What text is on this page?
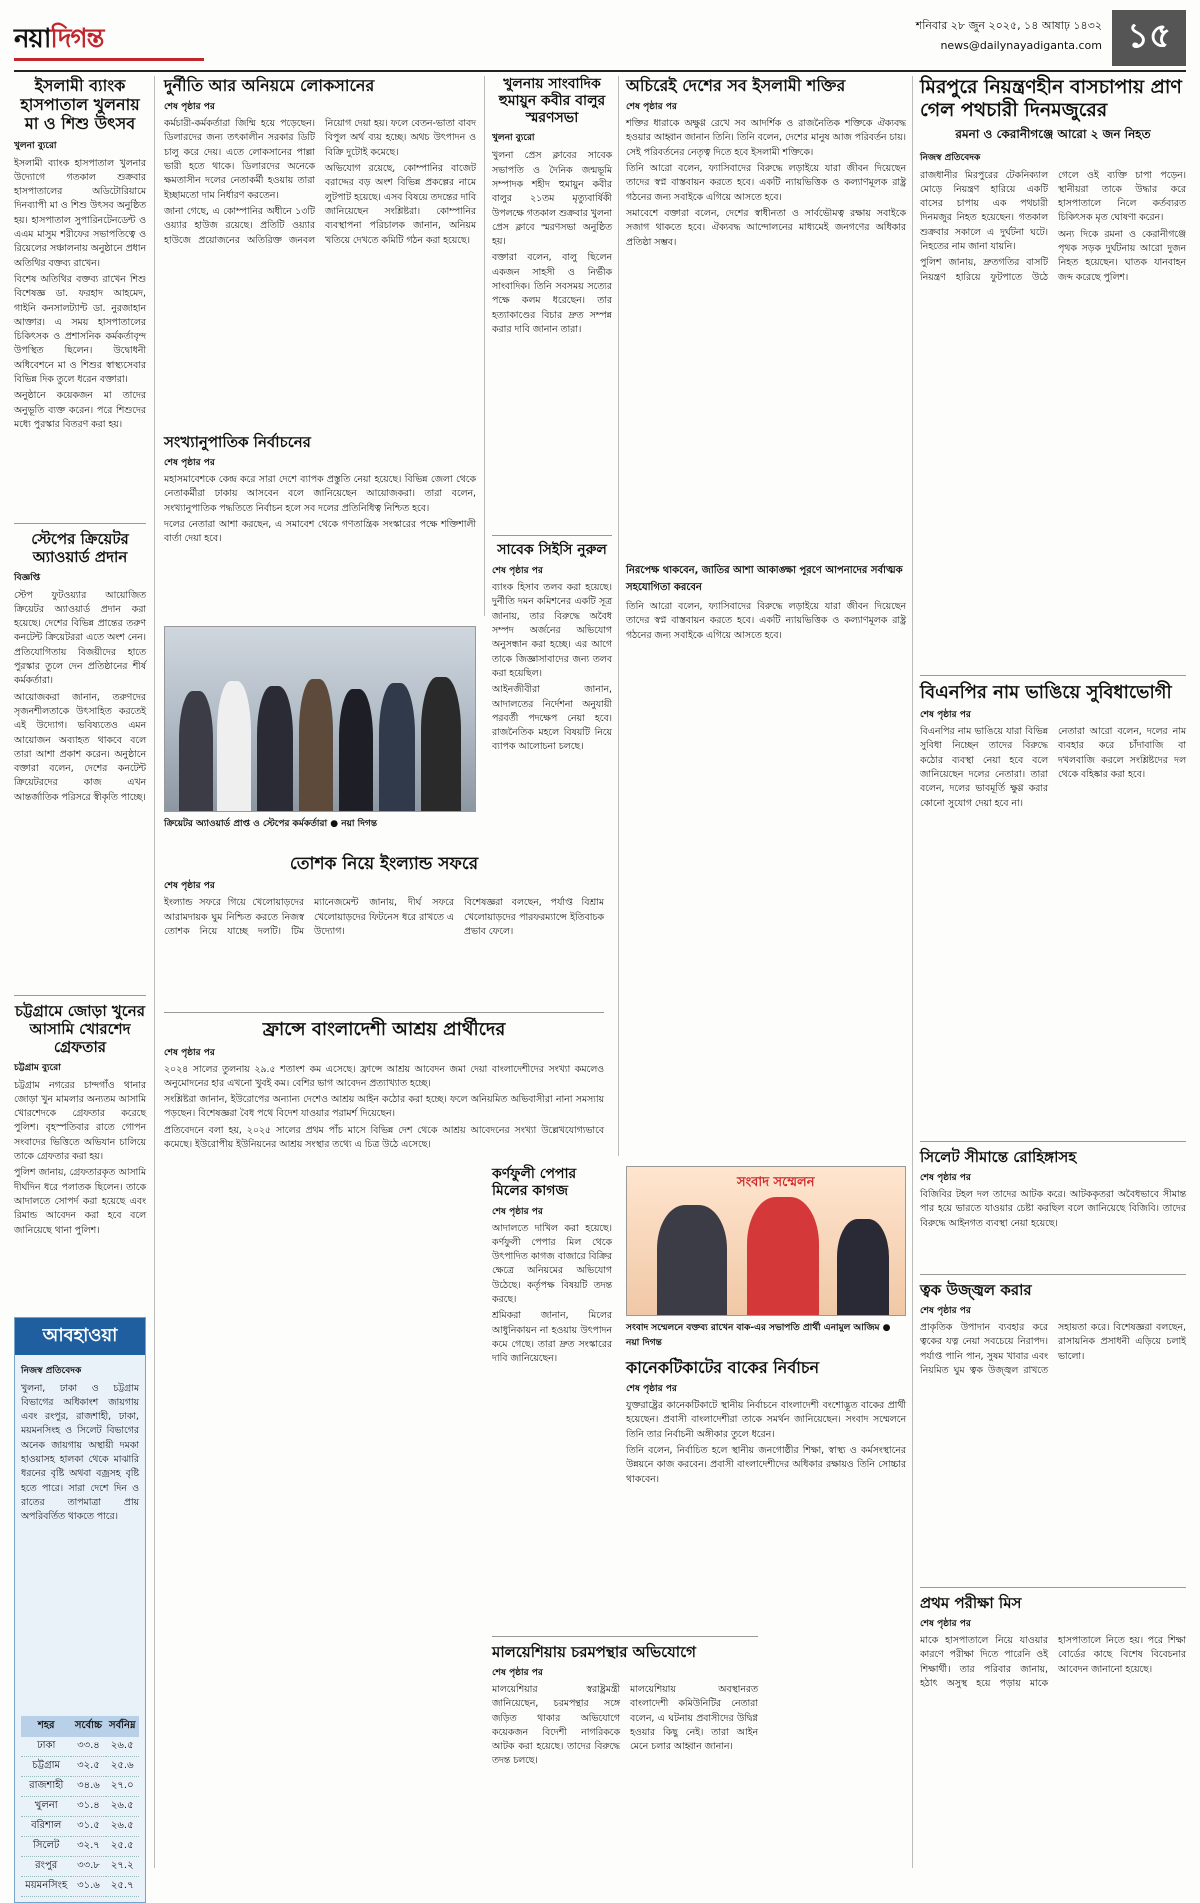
নয়াদিগন্ত	শনিবার ২৮ জুন ২০২৫, ১৪ আষাঢ় ১৪৩২
news@dailynayadiganta.com ১৫
ইসলামী ব্যাংক হাসপাতাল খুলনায় মা ও শিশু উৎসব
খুলনা ব্যুরো

ইসলামী ব্যাংক হাসপাতাল খুলনার উদ্যোগে গতকাল শুক্রবার হাসপাতালের অডিটোরিয়ামে দিনব্যাপী মা ও শিশু উৎসব অনুষ্ঠিত হয়। হাসপাতাল সুপারিনটেনডেন্ট ও এএম মাসুম শরীফের সভাপতিত্বে ও রিয়েলের সঞ্চালনায় অনুষ্ঠানে প্রধান অতিথির বক্তব্য রাখেন।

বিশেষ অতিথির বক্তব্য রাখেন শিশু বিশেষজ্ঞ ডা. ফরহাদ আহমেদ, গাইনি কনসালট্যান্ট ডা. নুরজাহান আক্তার। এ সময় হাসপাতালের চিকিৎসক ও প্রশাসনিক কর্মকর্তাবৃন্দ উপস্থিত ছিলেন। উদ্বোধনী অধিবেশনে মা ও শিশুর স্বাস্থ্যসেবার বিভিন্ন দিক তুলে ধরেন বক্তারা।

অনুষ্ঠানে কয়েকজন মা তাদের অনুভূতি ব্যক্ত করেন। পরে শিশুদের মধ্যে পুরস্কার বিতরণ করা হয়।

স্টেপের ক্রিয়েটর অ্যাওয়ার্ড প্রদান
বিজ্ঞপ্তি

স্টেপ ফুটওয়্যার আয়োজিত ক্রিয়েটর অ্যাওয়ার্ড প্রদান করা হয়েছে। দেশের বিভিন্ন প্রান্তের তরুণ কনটেন্ট ক্রিয়েটররা এতে অংশ নেন। প্রতিযোগিতায় বিজয়ীদের হাতে পুরস্কার তুলে দেন প্রতিষ্ঠানের শীর্ষ কর্মকর্তারা।

আয়োজকরা জানান, তরুণদের সৃজনশীলতাকে উৎসাহিত করতেই এই উদ্যোগ। ভবিষ্যতেও এমন আয়োজন অব্যাহত থাকবে বলে তারা আশা প্রকাশ করেন। অনুষ্ঠানে বক্তারা বলেন, দেশের কনটেন্ট ক্রিয়েটরদের কাজ এখন আন্তর্জাতিক পরিসরে স্বীকৃতি পাচ্ছে।

চট্টগ্রামে জোড়া খুনের আসামি খোরশেদ গ্রেফতার
চট্টগ্রাম ব্যুরো

চট্টগ্রাম নগরের চান্দগাঁও থানার জোড়া খুন মামলার অন্যতম আসামি খোরশেদকে গ্রেফতার করেছে পুলিশ। বৃহস্পতিবার রাতে গোপন সংবাদের ভিত্তিতে অভিযান চালিয়ে তাকে গ্রেফতার করা হয়।

পুলিশ জানায়, গ্রেফতারকৃত আসামি দীর্ঘদিন ধরে পলাতক ছিলেন। তাকে আদালতে সোপর্দ করা হয়েছে এবং রিমান্ড আবেদন করা হবে বলে জানিয়েছে থানা পুলিশ।

আবহাওয়া
নিজস্ব প্রতিবেদক
খুলনা, ঢাকা ও চট্টগ্রাম বিভাগের অধিকাংশ জায়গায় এবং রংপুর, রাজশাহী, ঢাকা, ময়মনসিংহ ও সিলেট বিভাগের অনেক জায়গায় অস্থায়ী দমকা হাওয়াসহ হালকা থেকে মাঝারি ধরনের বৃষ্টি অথবা বজ্রসহ বৃষ্টি হতে পারে। সারা দেশে দিন ও রাতের তাপমাত্রা প্রায় অপরিবর্তিত থাকতে পারে।
শহর	সর্বোচ্চ	সর্বনিম্ন
ঢাকা	৩৩.৪	২৬.৫
চট্টগ্রাম	৩২.৫	২৫.৬
রাজশাহী	৩৪.৬	২৭.০
খুলনা	৩১.৪	২৬.৫
বরিশাল	৩১.৫	২৬.৫
সিলেট	৩২.৭	২৫.৫
রংপুর	৩৩.৮	২৭.২
ময়মনসিংহ	৩১.৬	২৫.৭
দুর্নীতি আর অনিয়মে লোকসানের
শেষ পৃষ্ঠার পর

কর্মচারী-কর্মকর্তারা জিম্মি হয়ে পড়েছেন। ডিলারদের জন্য তৎকালীন সরকার ডিটি চালু করে দেয়। এতে লোকসানের পাল্লা ভারী হতে থাকে। ডিলারদের অনেকে ক্ষমতাসীন দলের নেতাকর্মী হওয়ায় তারা ইচ্ছামতো দাম নির্ধারণ করতেন।

জানা গেছে, এ কোম্পানির অধীনে ১৩টি ওয়্যার হাউজ রয়েছে। প্রতিটি ওয়্যার হাউজে প্রয়োজনের অতিরিক্ত জনবল নিয়োগ দেয়া হয়। ফলে বেতন-ভাতা বাবদ বিপুল অর্থ ব্যয় হচ্ছে। অথচ উৎপাদন ও বিক্রি দুটোই কমেছে।

অভিযোগ রয়েছে, কোম্পানির বাজেট বরাদ্দের বড় অংশ বিভিন্ন প্রকল্পের নামে লুটপাট হয়েছে। এসব বিষয়ে তদন্তের দাবি জানিয়েছেন সংশ্লিষ্টরা। কোম্পানির ব্যবস্থাপনা পরিচালক জানান, অনিয়ম খতিয়ে দেখতে কমিটি গঠন করা হয়েছে।

সংখ্যানুপাতিক নির্বাচনের
শেষ পৃষ্ঠার পর

মহাসমাবেশকে কেন্দ্র করে সারা দেশে ব্যাপক প্রস্তুতি নেয়া হয়েছে। বিভিন্ন জেলা থেকে নেতাকর্মীরা ঢাকায় আসবেন বলে জানিয়েছেন আয়োজকরা। তারা বলেন, সংখ্যানুপাতিক পদ্ধতিতে নির্বাচন হলে সব দলের প্রতিনিধিত্ব নিশ্চিত হবে।

দলের নেতারা আশা করছেন, এ সমাবেশ থেকে গণতান্ত্রিক সংস্কারের পক্ষে শক্তিশালী বার্তা দেয়া হবে।

খুলনায় সাংবাদিক হুমায়ুন কবীর বালুর স্মরণসভা
খুলনা ব্যুরো

খুলনা প্রেস ক্লাবের সাবেক সভাপতি ও দৈনিক জন্মভূমি সম্পাদক শহীদ হুমায়ুন কবীর বালুর ২১তম মৃত্যুবার্ষিকী উপলক্ষে গতকাল শুক্রবার খুলনা প্রেস ক্লাবে স্মরণসভা অনুষ্ঠিত হয়।

বক্তারা বলেন, বালু ছিলেন একজন সাহসী ও নির্ভীক সাংবাদিক। তিনি সবসময় সত্যের পক্ষে কলম ধরেছেন। তার হত্যাকাণ্ডের বিচার দ্রুত সম্পন্ন করার দাবি জানান তারা।

সাবেক সিইসি নুরুল
শেষ পৃষ্ঠার পর

ব্যাংক হিসাব তলব করা হয়েছে। দুর্নীতি দমন কমিশনের একটি সূত্র জানায়, তার বিরুদ্ধে অবৈধ সম্পদ অর্জনের অভিযোগ অনুসন্ধান করা হচ্ছে। এর আগে তাকে জিজ্ঞাসাবাদের জন্য তলব করা হয়েছিল।

আইনজীবীরা জানান, আদালতের নির্দেশনা অনুযায়ী পরবর্তী পদক্ষেপ নেয়া হবে। রাজনৈতিক মহলে বিষয়টি নিয়ে ব্যাপক আলোচনা চলছে।

ক্রিয়েটর অ্যাওয়ার্ড প্রাপ্ত ও স্টেপের কর্মকর্তারা ● নয়া দিগন্ত
তোশক নিয়ে ইংল্যান্ড সফরে
শেষ পৃষ্ঠার পর

ইংল্যান্ড সফরে গিয়ে খেলোয়াড়দের আরামদায়ক ঘুম নিশ্চিত করতে নিজস্ব তোশক নিয়ে যাচ্ছে দলটি। টিম ম্যানেজমেন্ট জানায়, দীর্ঘ সফরে খেলোয়াড়দের ফিটনেস ধরে রাখতে এ উদ্যোগ।

বিশেষজ্ঞরা বলছেন, পর্যাপ্ত বিশ্রাম খেলোয়াড়দের পারফরম্যান্সে ইতিবাচক প্রভাব ফেলে।

ফ্রান্সে বাংলাদেশী আশ্রয় প্রার্থীদের
শেষ পৃষ্ঠার পর

২০২৪ সালের তুলনায় ২৯.৫ শতাংশ কম এসেছে। ফ্রান্সে আশ্রয় আবেদন জমা দেয়া বাংলাদেশীদের সংখ্যা কমলেও অনুমোদনের হার এখনো খুবই কম। বেশির ভাগ আবেদন প্রত্যাখ্যাত হচ্ছে।

সংশ্লিষ্টরা জানান, ইউরোপের অন্যান্য দেশেও আশ্রয় আইন কঠোর করা হচ্ছে। ফলে অনিয়মিত অভিবাসীরা নানা সমস্যায় পড়ছেন। বিশেষজ্ঞরা বৈধ পথে বিদেশ যাওয়ার পরামর্শ দিয়েছেন।

প্রতিবেদনে বলা হয়, ২০২৫ সালের প্রথম পাঁচ মাসে বিভিন্ন দেশ থেকে আশ্রয় আবেদনের সংখ্যা উল্লেখযোগ্যভাবে কমেছে। ইউরোপীয় ইউনিয়নের আশ্রয় সংস্থার তথ্যে এ চিত্র উঠে এসেছে।

অচিরেই দেশের সব ইসলামী শক্তির
শেষ পৃষ্ঠার পর

শক্তির ধারাকে অক্ষুণ্ণ রেখে সব আদর্শিক ও রাজনৈতিক শক্তিকে ঐক্যবদ্ধ হওয়ার আহ্বান জানান তিনি। তিনি বলেন, দেশের মানুষ আজ পরিবর্তন চায়। সেই পরিবর্তনের নেতৃত্ব দিতে হবে ইসলামী শক্তিকে।

তিনি আরো বলেন, ফ্যাসিবাদের বিরুদ্ধে লড়াইয়ে যারা জীবন দিয়েছেন তাদের স্বপ্ন বাস্তবায়ন করতে হবে। একটি ন্যায়ভিত্তিক ও কল্যাণমূলক রাষ্ট্র গঠনের জন্য সবাইকে এগিয়ে আসতে হবে।

সমাবেশে বক্তারা বলেন, দেশের স্বাধীনতা ও সার্বভৌমত্ব রক্ষায় সবাইকে সজাগ থাকতে হবে। ঐক্যবদ্ধ আন্দোলনের মাধ্যমেই জনগণের অধিকার প্রতিষ্ঠা সম্ভব।

নিরপেক্ষ থাকবেন, জাতির আশা আকাঙ্ক্ষা পূরণে আপনাদের সর্বাত্মক সহযোগিতা করবেন

তিনি আরো বলেন, ফ্যাসিবাদের বিরুদ্ধে লড়াইয়ে যারা জীবন দিয়েছেন তাদের স্বপ্ন বাস্তবায়ন করতে হবে। একটি ন্যায়ভিত্তিক ও কল্যাণমূলক রাষ্ট্র গঠনের জন্য সবাইকে এগিয়ে আসতে হবে।

কর্ণফুলী পেপার মিলের কাগজ
শেষ পৃষ্ঠার পর

আদালতে দাখিল করা হয়েছে। কর্ণফুলী পেপার মিল থেকে উৎপাদিত কাগজ বাজারে বিক্রির ক্ষেত্রে অনিয়মের অভিযোগ উঠেছে। কর্তৃপক্ষ বিষয়টি তদন্ত করছে।

শ্রমিকরা জানান, মিলের আধুনিকায়ন না হওয়ায় উৎপাদন কমে গেছে। তারা দ্রুত সংস্কারের দাবি জানিয়েছেন।

মালয়েশিয়ায় চরমপন্থার অভিযোগে
শেষ পৃষ্ঠার পর

মালয়েশিয়ার স্বরাষ্ট্রমন্ত্রী জানিয়েছেন, চরমপন্থার সঙ্গে জড়িত থাকার অভিযোগে কয়েকজন বিদেশী নাগরিককে আটক করা হয়েছে। তাদের বিরুদ্ধে তদন্ত চলছে।

মালয়েশিয়ায় অবস্থানরত বাংলাদেশী কমিউনিটির নেতারা বলেন, এ ঘটনায় প্রবাসীদের উদ্বিগ্ন হওয়ার কিছু নেই। তারা আইন মেনে চলার আহ্বান জানান।

সংবাদ সম্মেলন
সংবাদ সম্মেলনে বক্তব্য রাখেন বাক-এর সভাপতি প্রার্থী এনামুল আজিম ● নয়া দিগন্ত
কানেকটিকাটের বাকের নির্বাচন
শেষ পৃষ্ঠার পর

যুক্তরাষ্ট্রের কানেকটিকাটে স্থানীয় নির্বাচনে বাংলাদেশী বংশোদ্ভূত বাকের প্রার্থী হয়েছেন। প্রবাসী বাংলাদেশীরা তাকে সমর্থন জানিয়েছেন। সংবাদ সম্মেলনে তিনি তার নির্বাচনী অঙ্গীকার তুলে ধরেন।

তিনি বলেন, নির্বাচিত হলে স্থানীয় জনগোষ্ঠীর শিক্ষা, স্বাস্থ্য ও কর্মসংস্থানের উন্নয়নে কাজ করবেন। প্রবাসী বাংলাদেশীদের অধিকার রক্ষায়ও তিনি সোচ্চার থাকবেন।

মিরপুরে নিয়ন্ত্রণহীন বাসচাপায় প্রাণ গেল পথচারী দিনমজুরের
রমনা ও কেরানীগঞ্জে আরো ২ জন নিহত
নিজস্ব প্রতিবেদক

রাজধানীর মিরপুরের টেকনিক্যাল মোড়ে নিয়ন্ত্রণ হারিয়ে একটি বাসের চাপায় এক পথচারী দিনমজুর নিহত হয়েছেন। গতকাল শুক্রবার সকালে এ দুর্ঘটনা ঘটে। নিহতের নাম জানা যায়নি।

পুলিশ জানায়, দ্রুতগতির বাসটি নিয়ন্ত্রণ হারিয়ে ফুটপাতে উঠে গেলে ওই ব্যক্তি চাপা পড়েন। স্থানীয়রা তাকে উদ্ধার করে হাসপাতালে নিলে কর্তব্যরত চিকিৎসক মৃত ঘোষণা করেন।

অন্য দিকে রমনা ও কেরানীগঞ্জে পৃথক সড়ক দুর্ঘটনায় আরো দুজন নিহত হয়েছেন। ঘাতক যানবাহন জব্দ করেছে পুলিশ।

বিএনপির নাম ভাঙিয়ে সুবিধাভোগী
শেষ পৃষ্ঠার পর

বিএনপির নাম ভাঙিয়ে যারা বিভিন্ন সুবিধা নিচ্ছেন তাদের বিরুদ্ধে কঠোর ব্যবস্থা নেয়া হবে বলে জানিয়েছেন দলের নেতারা। তারা বলেন, দলের ভাবমূর্তি ক্ষুণ্ণ করার কোনো সুযোগ দেয়া হবে না।

নেতারা আরো বলেন, দলের নাম ব্যবহার করে চাঁদাবাজি বা দখলবাজি করলে সংশ্লিষ্টদের দল থেকে বহিষ্কার করা হবে।

সিলেট সীমান্তে রোহিঙ্গাসহ
শেষ পৃষ্ঠার পর

বিজিবির টহল দল তাদের আটক করে। আটককৃতরা অবৈধভাবে সীমান্ত পার হয়ে ভারতে যাওয়ার চেষ্টা করছিল বলে জানিয়েছে বিজিবি। তাদের বিরুদ্ধে আইনগত ব্যবস্থা নেয়া হয়েছে।

ত্বক উজ্জ্বল করার
শেষ পৃষ্ঠার পর

প্রাকৃতিক উপাদান ব্যবহার করে ত্বকের যত্ন নেয়া সবচেয়ে নিরাপদ। পর্যাপ্ত পানি পান, সুষম খাবার এবং নিয়মিত ঘুম ত্বক উজ্জ্বল রাখতে সহায়তা করে। বিশেষজ্ঞরা বলছেন, রাসায়নিক প্রসাধনী এড়িয়ে চলাই ভালো।

প্রথম পরীক্ষা মিস
শেষ পৃষ্ঠার পর

মাকে হাসপাতালে নিয়ে যাওয়ার কারণে পরীক্ষা দিতে পারেনি ওই শিক্ষার্থী। তার পরিবার জানায়, হঠাৎ অসুস্থ হয়ে পড়ায় মাকে হাসপাতালে নিতে হয়। পরে শিক্ষা বোর্ডের কাছে বিশেষ বিবেচনার আবেদন জানানো হয়েছে।
